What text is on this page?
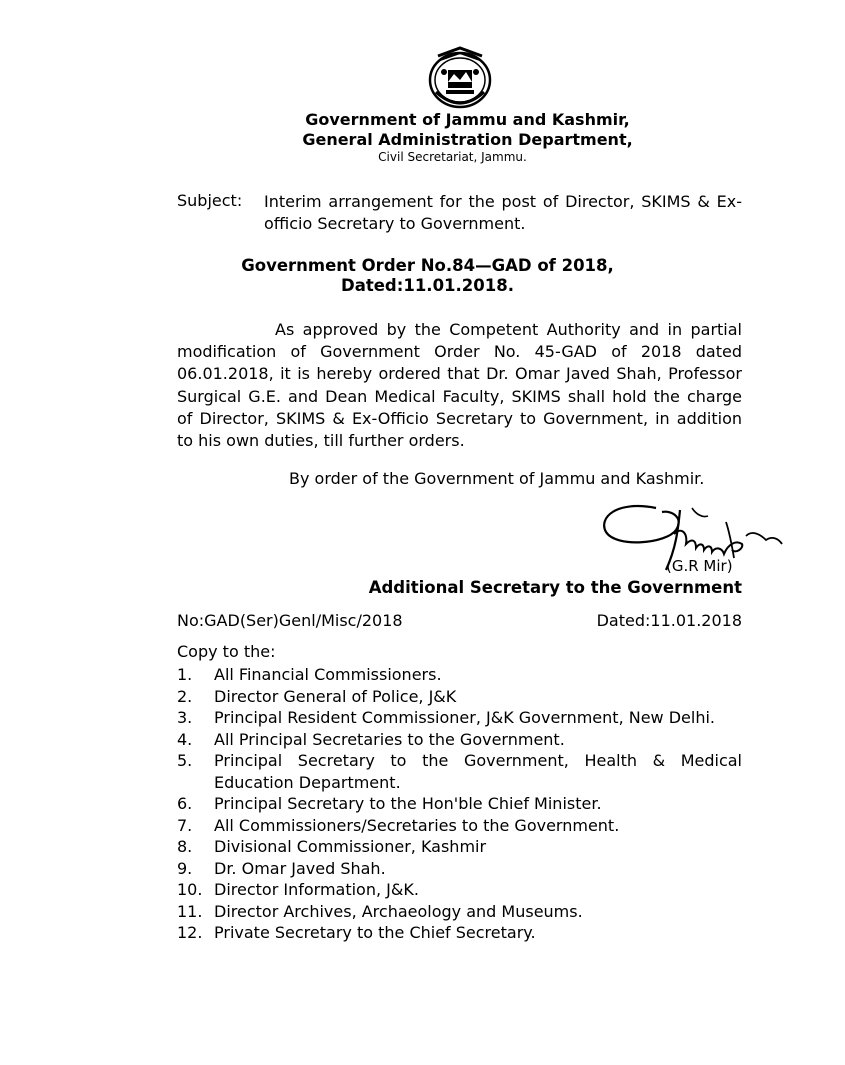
Government of Jammu and Kashmir,
General Administration Department,
Civil Secretariat, Jammu.
Subject: Interim arrangement for the post of Director, SKIMS & Ex-officio Secretary to Government.
Government Order No.84—GAD of 2018,
Dated:11.01.2018.
As approved by the Competent Authority and in partial modification of Government Order No. 45-GAD of 2018 dated 06.01.2018, it is hereby ordered that Dr. Omar Javed Shah, Professor Surgical G.E. and Dean Medical Faculty, SKIMS shall hold the charge of Director, SKIMS & Ex-Officio Secretary to Government, in addition to his own duties, till further orders.
By order of the Government of Jammu and Kashmir.
(G.R Mir)
Additional Secretary to the Government
No:GAD(Ser)Genl/Misc/2018	Dated:11.01.2018
Copy to the:
1.	All Financial Commissioners.
2.	Director General of Police, J&K
3.	Principal Resident Commissioner, J&K Government, New Delhi.
4.	All Principal Secretaries to the Government.
5.	Principal Secretary to the Government, Health & Medical Education Department.
6.	Principal Secretary to the Hon'ble Chief Minister.
7.	All Commissioners/Secretaries to the Government.
8.	Divisional Commissioner, Kashmir
9.	Dr. Omar Javed Shah.
10. Director Information, J&K.
11. Director Archives, Archaeology and Museums.
12. Private Secretary to the Chief Secretary.
